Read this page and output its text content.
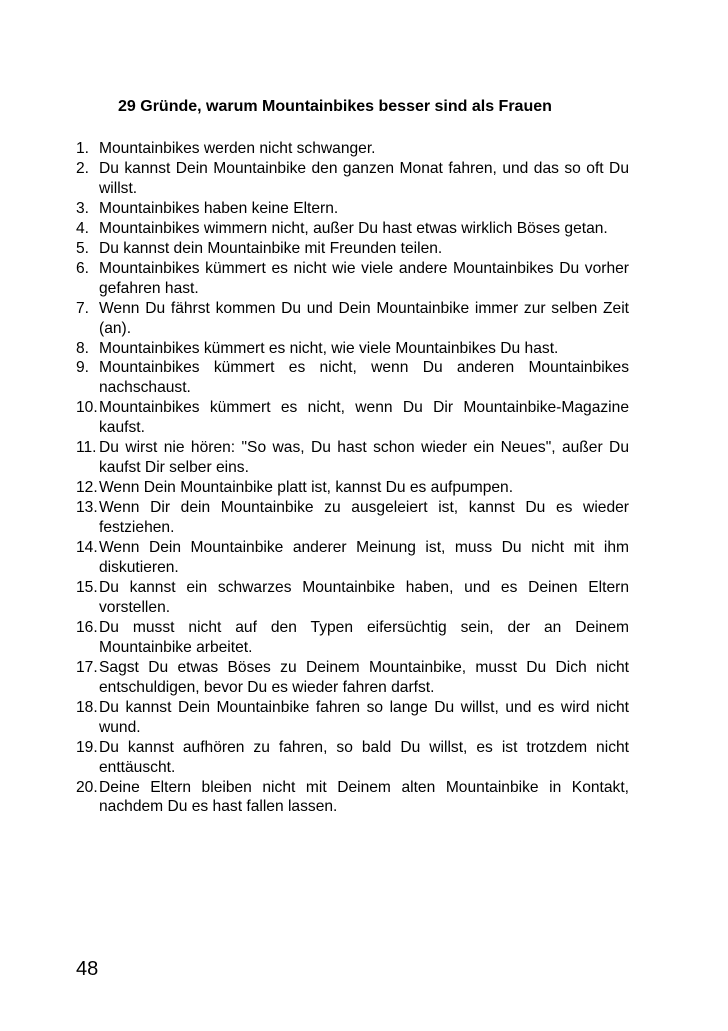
29 Gründe, warum Mountainbikes besser sind als Frauen
1. Mountainbikes werden nicht schwanger.
2. Du kannst Dein Mountainbike den ganzen Monat fahren, und das so oft Du willst.
3. Mountainbikes haben keine Eltern.
4. Mountainbikes wimmern nicht, außer Du hast etwas wirklich Böses getan.
5. Du kannst dein Mountainbike mit Freunden teilen.
6. Mountainbikes kümmert es nicht wie viele andere Mountainbikes Du vorher gefahren hast.
7. Wenn Du fährst kommen Du und Dein Mountainbike immer zur selben Zeit (an).
8. Mountainbikes kümmert es nicht, wie viele Mountainbikes Du hast.
9. Mountainbikes kümmert es nicht, wenn Du anderen Mountainbikes nachschaust.
10. Mountainbikes kümmert es nicht, wenn Du Dir Mountainbike-Magazine kaufst.
11. Du wirst nie hören: "So was, Du hast schon wieder ein Neues", außer Du kaufst Dir selber eins.
12. Wenn Dein Mountainbike platt ist, kannst Du es aufpumpen.
13. Wenn Dir dein Mountainbike zu ausgeleiert ist, kannst Du es wieder festziehen.
14. Wenn Dein Mountainbike anderer Meinung ist, muss Du nicht mit ihm diskutieren.
15. Du kannst ein schwarzes Mountainbike haben, und es Deinen Eltern vorstellen.
16. Du musst nicht auf den Typen eifersüchtig sein, der an Deinem Mountainbike arbeitet.
17. Sagst Du etwas Böses zu Deinem Mountainbike, musst Du Dich nicht entschuldigen, bevor Du es wieder fahren darfst.
18. Du kannst Dein Mountainbike fahren so lange Du willst, und es wird nicht wund.
19. Du kannst aufhören zu fahren, so bald Du willst, es ist trotzdem nicht enttäuscht.
20. Deine Eltern bleiben nicht mit Deinem alten Mountainbike in Kontakt, nachdem Du es hast fallen lassen.

48
